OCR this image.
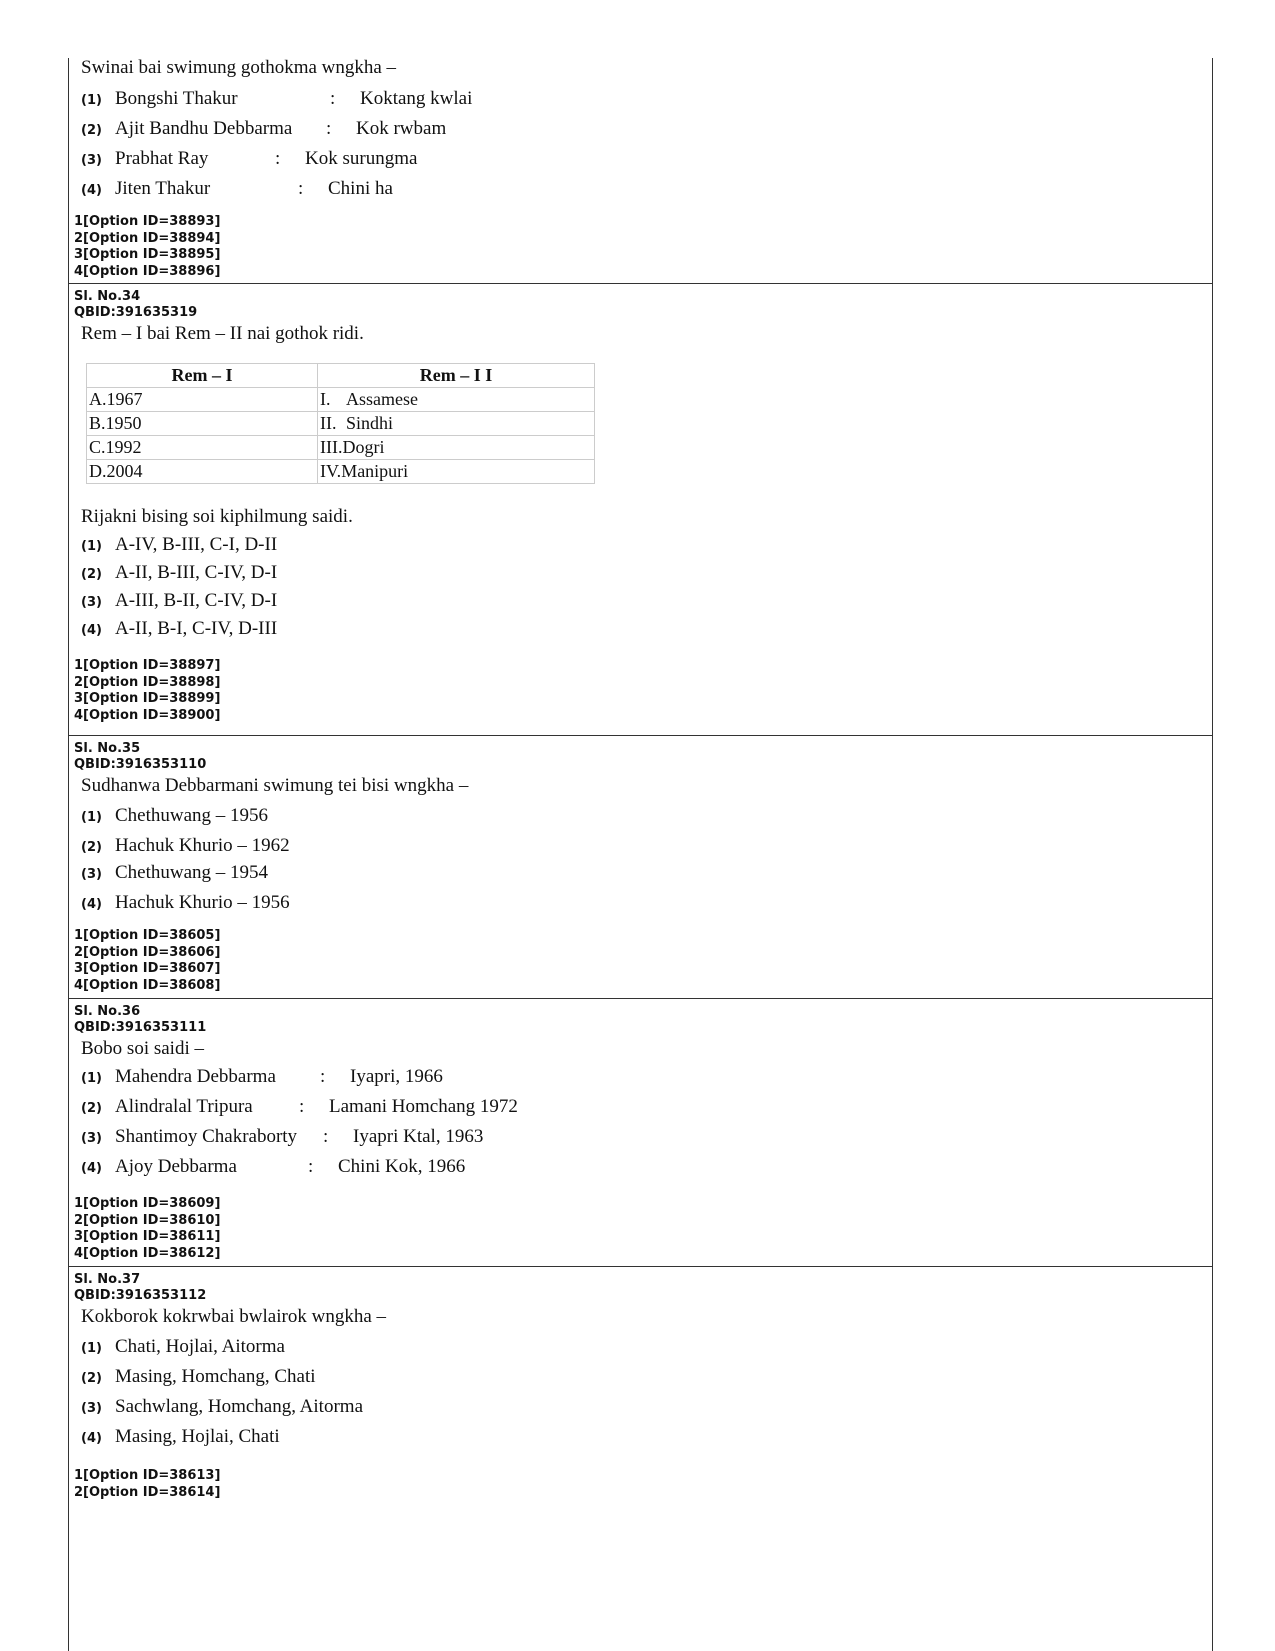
Swinai bai swimung gothokma wngkha –
(1) Bongshi Thakur	:	Koktang kwlai
(2) Ajit Bandhu Debbarma	:	Kok rwbam
(3) Prabhat Ray	:	Kok surungma
(4) Jiten Thakur	:	Chini ha
1[Option ID=38893]
2[Option ID=38894]
3[Option ID=38895]
4[Option ID=38896]
Sl. No.34
QBID:391635319
Rem – I bai Rem – II nai gothok ridi.
Rem – I	Rem – I I
A.1967	I. Assamese
B.1950	II. Sindhi
C.1992	III.Dogri
D.2004	IV.Manipuri
Rijakni bising soi kiphilmung saidi.
(1) A-IV, B-III, C-I, D-II
(2) A-II, B-III, C-IV, D-I
(3) A-III, B-II, C-IV, D-I
(4) A-II, B-I, C-IV, D-III
1[Option ID=38897]
2[Option ID=38898]
3[Option ID=38899]
4[Option ID=38900]
Sl. No.35
QBID:3916353110
Sudhanwa Debbarmani swimung tei bisi wngkha –
(1) Chethuwang – 1956
(2) Hachuk Khurio – 1962
(3) Chethuwang – 1954
(4) Hachuk Khurio – 1956
1[Option ID=38605]
2[Option ID=38606]
3[Option ID=38607]
4[Option ID=38608]
Sl. No.36
QBID:3916353111
Bobo soi saidi –
(1) Mahendra Debbarma	:	Iyapri, 1966
(2) Alindralal Tripura	:	Lamani Homchang 1972
(3) Shantimoy Chakraborty	:	Iyapri Ktal, 1963
(4) Ajoy Debbarma	:	Chini Kok, 1966
1[Option ID=38609]
2[Option ID=38610]
3[Option ID=38611]
4[Option ID=38612]
Sl. No.37
QBID:3916353112
Kokborok kokrwbai bwlairok wngkha –
(1) Chati, Hojlai, Aitorma
(2) Masing, Homchang, Chati
(3) Sachwlang, Homchang, Aitorma
(4) Masing, Hojlai, Chati
1[Option ID=38613]
2[Option ID=38614]
